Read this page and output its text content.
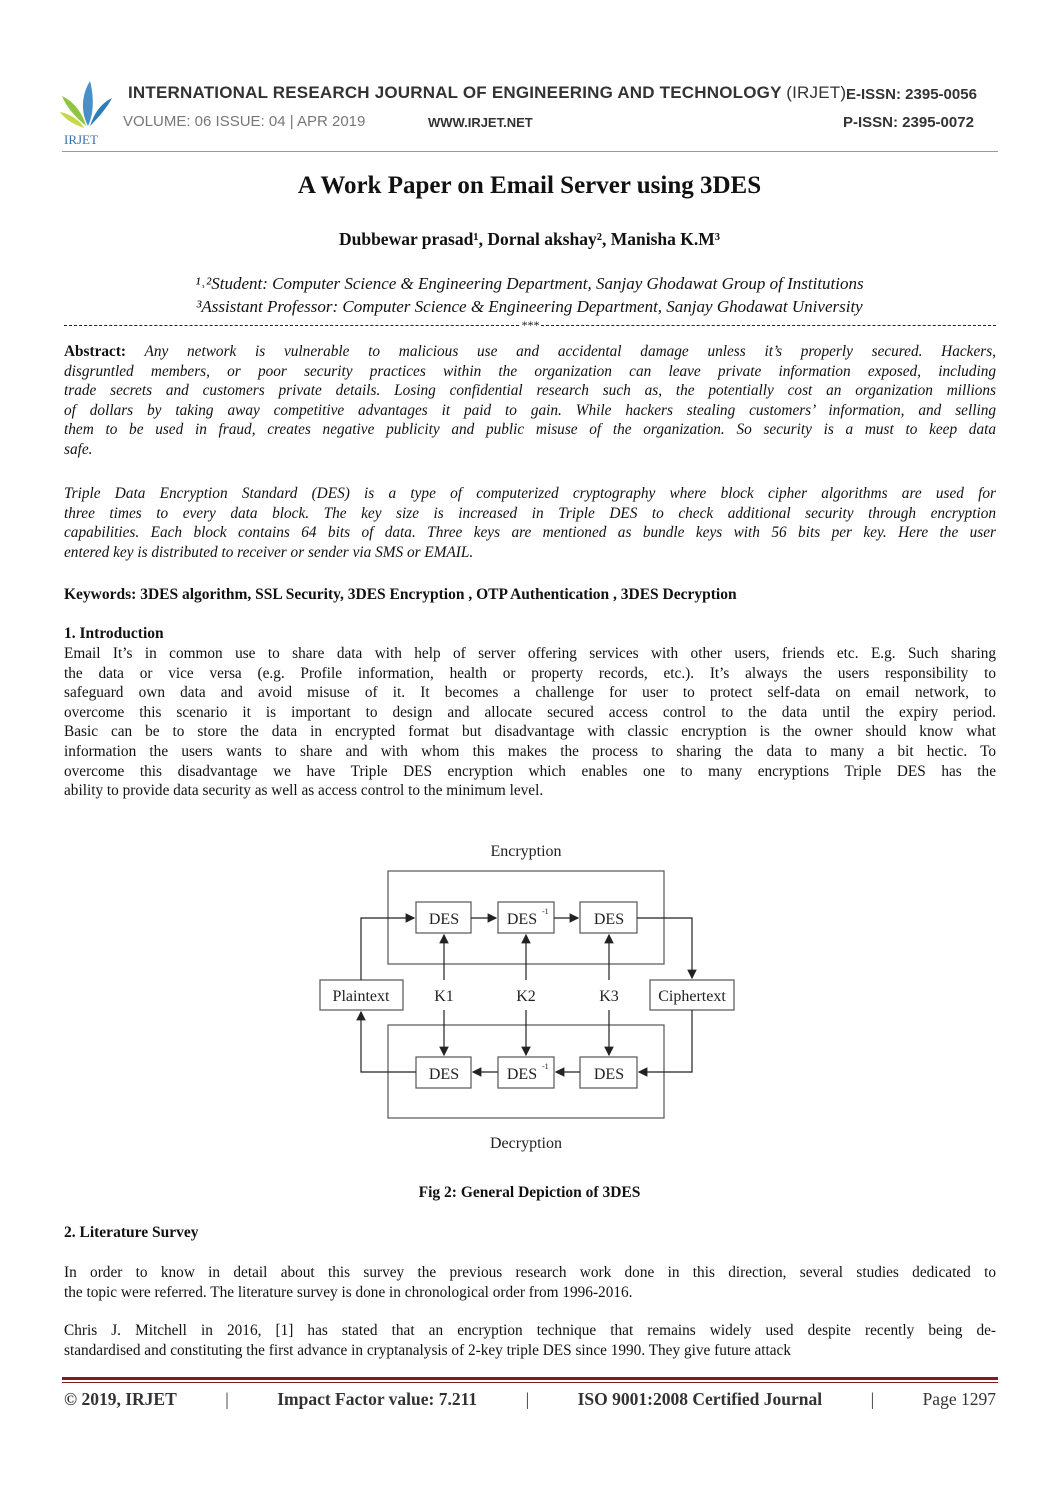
IRJET
INTERNATIONAL RESEARCH JOURNAL OF ENGINEERING AND TECHNOLOGY (IRJET)
VOLUME: 06 ISSUE: 04 | APR 2019	WWW.IRJET.NET
E-ISSN: 2395-0056
P-ISSN: 2395-0072
A Work Paper on Email Server using 3DES
Dubbewar prasad¹, Dornal akshay², Manisha K.M³
¹˒²Student: Computer Science & Engineering Department, Sanjay Ghodawat Group of Institutions
³Assistant Professor: Computer Science & Engineering Department, Sanjay Ghodawat University
***
Abstract: Any network is vulnerable to malicious use and accidental damage unless it’s properly secured. Hackers,
disgruntled members, or poor security practices within the organization can leave private information exposed, including
trade secrets and customers private details. Losing confidential research such as, the potentially cost an organization millions
of dollars by taking away competitive advantages it paid to gain. While hackers stealing customers’ information, and selling
them to be used in fraud, creates negative publicity and public misuse of the organization. So security is a must to keep data
safe.
Triple Data Encryption Standard (DES) is a type of computerized cryptography where block cipher algorithms are used for
three times to every data block. The key size is increased in Triple DES to check additional security through encryption
capabilities. Each block contains 64 bits of data. Three keys are mentioned as bundle keys with 56 bits per key. Here the user
entered key is distributed to receiver or sender via SMS or EMAIL.
Keywords: 3DES algorithm, SSL Security, 3DES Encryption , OTP Authentication , 3DES Decryption
1. Introduction
Email It’s in common use to share data with help of server offering services with other users, friends etc. E.g. Such sharing
the data or vice versa (e.g. Profile information, health or property records, etc.). It’s always the users responsibility to
safeguard own data and avoid misuse of it. It becomes a challenge for user to protect self-data on email network, to
overcome this scenario it is important to design and allocate secured access control to the data until the expiry period.
Basic can be to store the data in encrypted format but disadvantage with classic encryption is the owner should know what
information the users wants to share and with whom this makes the process to sharing the data to many a bit hectic. To
overcome this disadvantage we have Triple DES encryption which enables one to many encryptions Triple DES has the
ability to provide data security as well as access control to the minimum level.
Encryption
Decryption
Plaintext	Ciphertext
K1	K2	K3
DES	DES -1	DES
DES	DES -1	DES
Fig 2: General Depiction of 3DES
2. Literature Survey
In order to know in detail about this survey the previous research work done in this direction, several studies dedicated to
the topic were referred. The literature survey is done in chronological order from 1996-2016.
Chris J. Mitchell in 2016, [1] has stated that an encryption technique that remains widely used despite recently being de-
standardised and constituting the first advance in cryptanalysis of 2-key triple DES since 1990. They give future attack
© 2019, IRJET	|	Impact Factor value: 7.211	|	ISO 9001:2008 Certified Journal	|	Page 1297
